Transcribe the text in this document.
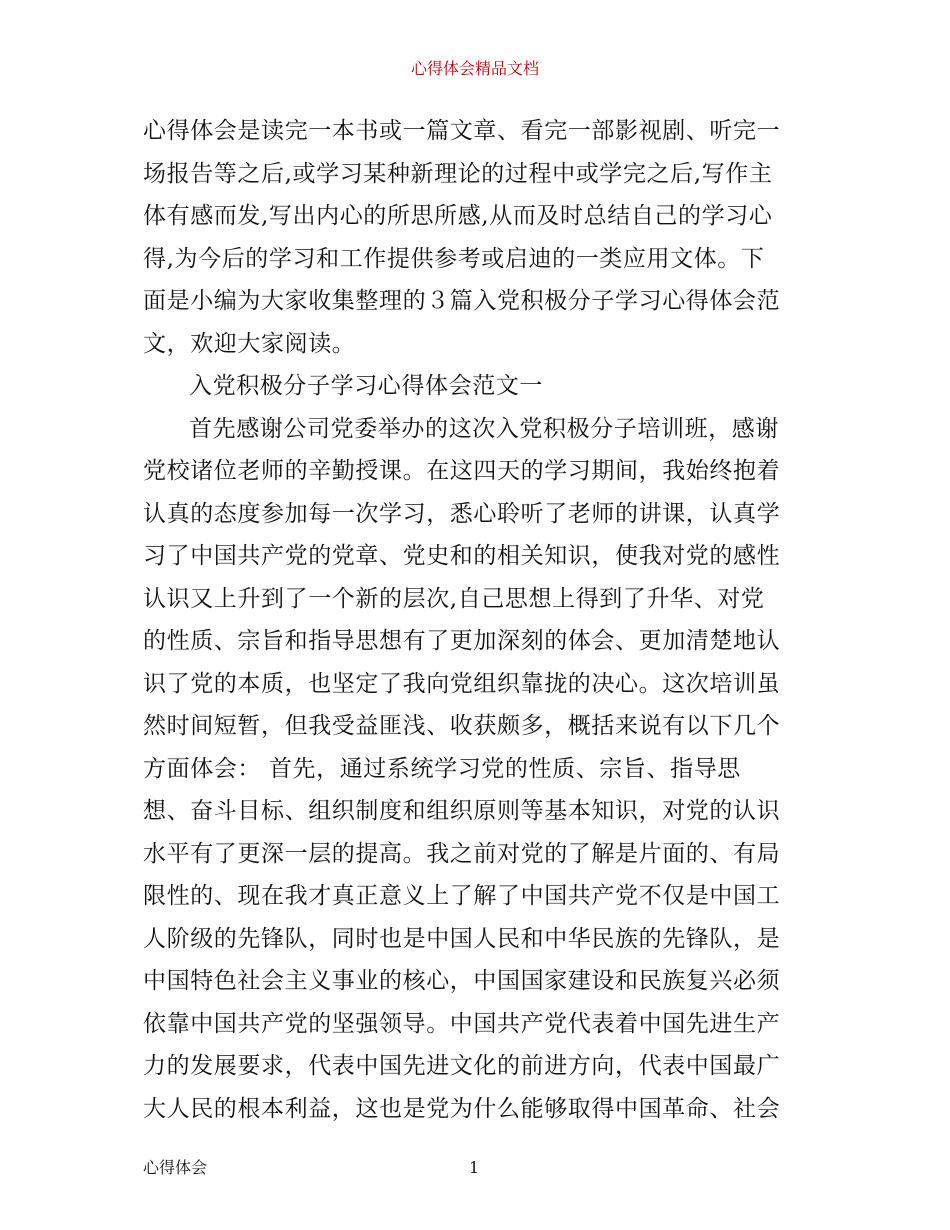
心得体会精品文档
心得体会是读完一本书或一篇文章、看完一部影视剧、听完一
场报告等之后,或学习某种新理论的过程中或学完之后,写作主
体有感而发,写出内心的所思所感,从而及时总结自己的学习心
得,为今后的学习和工作提供参考或启迪的一类应用文体。下
面是小编为大家收集整理的３篇入党积极分子学习心得体会范
文，欢迎大家阅读。
入党积极分子学习心得体会范文一
首先感谢公司党委举办的这次入党积极分子培训班，感谢
党校诸位老师的辛勤授课。在这四天的学习期间，我始终抱着
认真的态度参加每一次学习，悉心聆听了老师的讲课，认真学
习了中国共产党的党章、党史和的相关知识，使我对党的感性
认识又上升到了一个新的层次,自己思想上得到了升华、对党
的性质、宗旨和指导思想有了更加深刻的体会、更加清楚地认
识了党的本质，也坚定了我向党组织靠拢的决心。这次培训虽
然时间短暂，但我受益匪浅、收获颇多，概括来说有以下几个
方面体会： 首先，通过系统学习党的性质、宗旨、指导思
想、奋斗目标、组织制度和组织原则等基本知识，对党的认识
水平有了更深一层的提高。我之前对党的了解是片面的、有局
限性的、现在我才真正意义上了解了中国共产党不仅是中国工
人阶级的先锋队，同时也是中国人民和中华民族的先锋队，是
中国特色社会主义事业的核心，中国国家建设和民族复兴必须
依靠中国共产党的坚强领导。中国共产党代表着中国先进生产
力的发展要求，代表中国先进文化的前进方向，代表中国最广
大人民的根本利益，这也是党为什么能够取得中国革命、社会
心得体会	1
